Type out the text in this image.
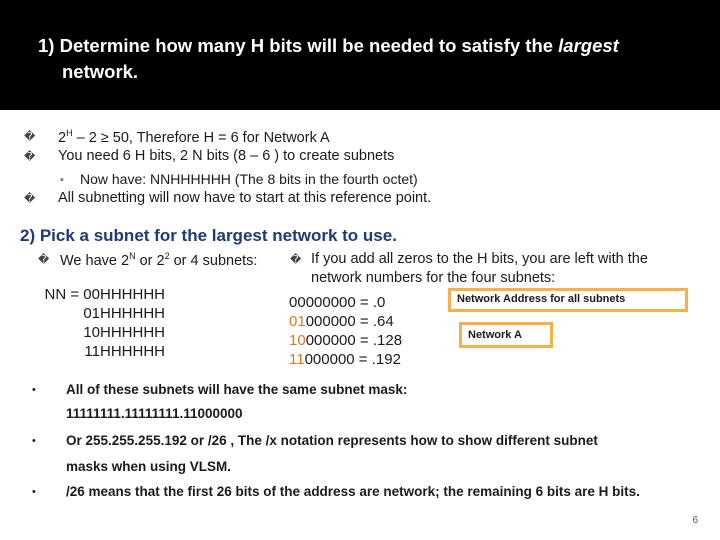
1) Determine how many H bits will be needed to satisfy the largest
network.
� $2^H - 2 \ge 50$, Therefore H = 6 for Network A
� You need 6 H bits, 2 N bits (8 – 6 ) to create subnets
▪ Now have: NNHHHHHH (The 8 bits in the fourth octet)
� All subnetting will now have to start at this reference point.
2) Pick a subnet for the largest network to use.
� We have $2^N$ or $2^2$ or 4 subnets:	� If you add all zeros to the H bits, you are left with the
network numbers for the four subnets:
NN = 00HHHHHH
01HHHHHH
10HHHHHH
11HHHHHH
00000000 = .0
01000000 = .64
10000000 = .128
11000000 = .192
Network Address for all subnets
Network A
• All of these subnets will have the same subnet mask:
11111111.11111111.11000000
• Or 255.255.255.192 or /26 , The /x notation represents how to show different subnet
masks when using VLSM.
• /26 means that the first 26 bits of the address are network; the remaining 6 bits are H bits.
6
